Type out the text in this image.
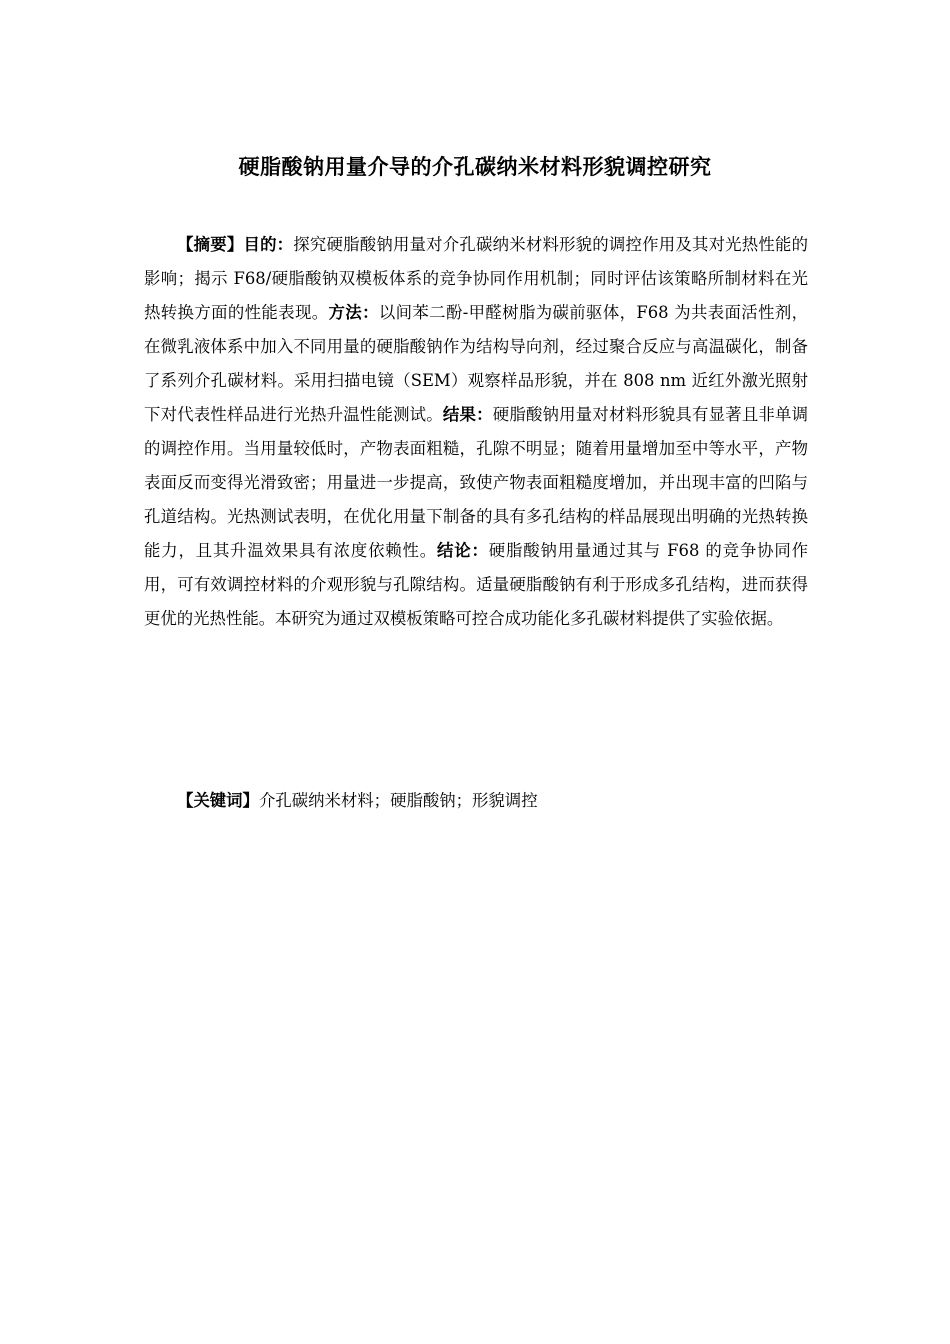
硬脂酸钠用量介导的介孔碳纳米材料形貌调控研究

【摘要】目的：探究硬脂酸钠用量对介孔碳纳米材料形貌的调控作用及其对光热性能的影响；揭示 F68/硬脂酸钠双模板体系的竞争协同作用机制；同时评估该策略所制材料在光热转换方面的性能表现。方法：以间苯二酚-甲醛树脂为碳前驱体，F68 为共表面活性剂，在微乳液体系中加入不同用量的硬脂酸钠作为结构导向剂，经过聚合反应与高温碳化，制备了系列介孔碳材料。采用扫描电镜（SEM）观察样品形貌，并在 808 nm 近红外激光照射下对代表性样品进行光热升温性能测试。结果：硬脂酸钠用量对材料形貌具有显著且非单调的调控作用。当用量较低时，产物表面粗糙，孔隙不明显；随着用量增加至中等水平，产物表面反而变得光滑致密；用量进一步提高，致使产物表面粗糙度增加，并出现丰富的凹陷与孔道结构。光热测试表明，在优化用量下制备的具有多孔结构的样品展现出明确的光热转换能力，且其升温效果具有浓度依赖性。结论：硬脂酸钠用量通过其与 F68 的竞争协同作用，可有效调控材料的介观形貌与孔隙结构。适量硬脂酸钠有利于形成多孔结构，进而获得更优的光热性能。本研究为通过双模板策略可控合成功能化多孔碳材料提供了实验依据。

【关键词】介孔碳纳米材料；硬脂酸钠；形貌调控
